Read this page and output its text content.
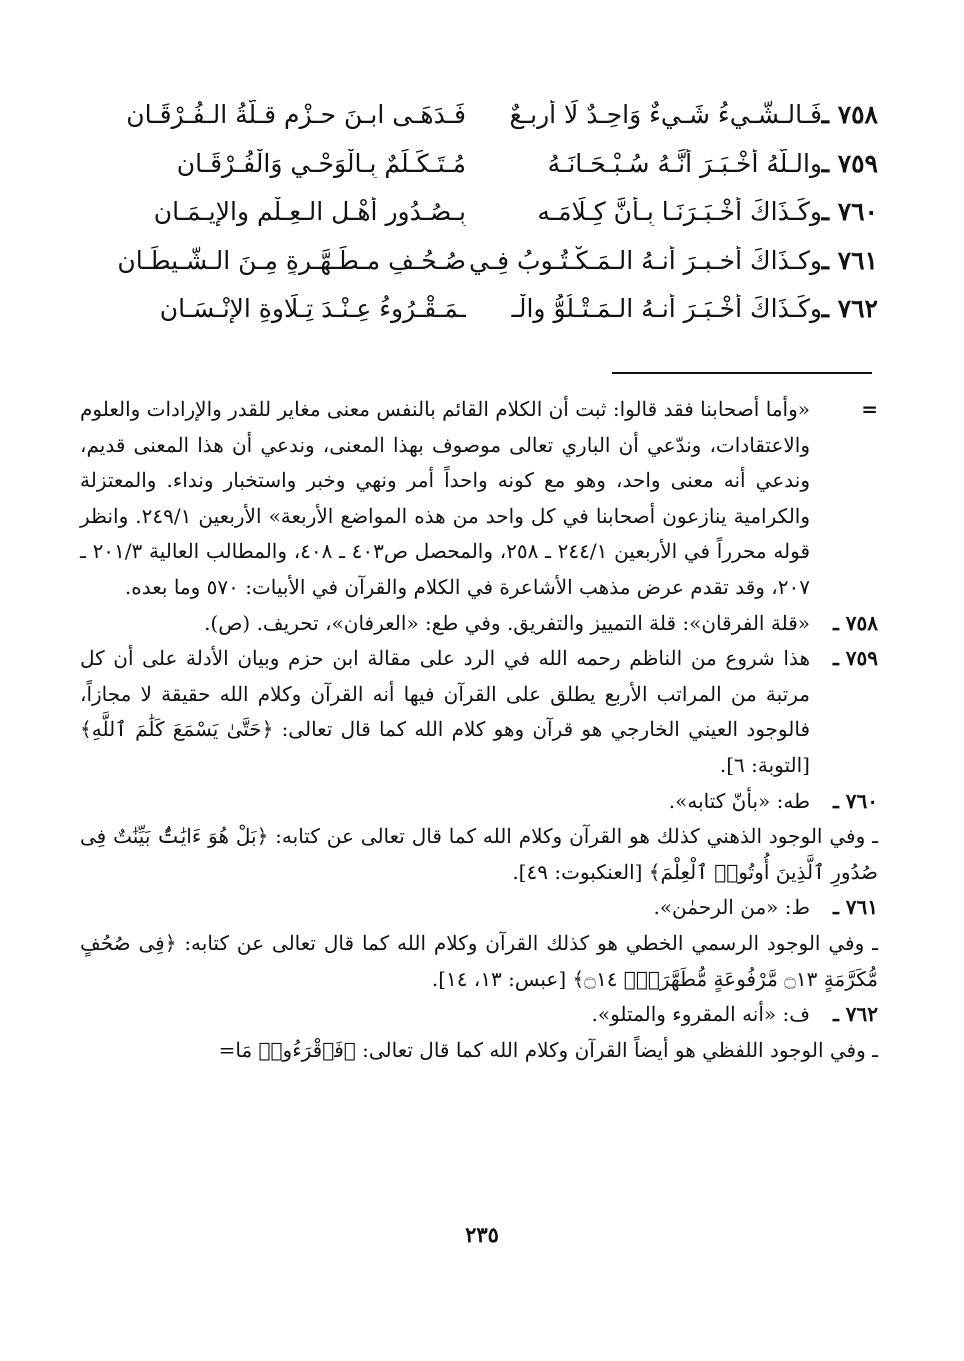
٧٥٨ ـ
فَـالـشَّـيءُ شَـيءٌ وَاحِـدٌ لَا أَربـعٌ
فَـدَهَـى ابـنَ حـزْمٍ قـلَّةُ الـفُـرْقَـانِ
٧٥٩ ـ
والـلَّهُ أَخْـبَـرَ أَنَّـهُ سُـبْـحَـانَـهُ
مُـتَـكَـلِّمٌ بِـالْوَحْـيِ وَالْفُـرْقَـانِ
٧٦٠ ـ
وكَـذَاكَ أَخْـبَـرَنَـا بِـأَنَّ كِـلَامَـه
بِـصُـدُورِ أَهْـلِ الـعِـلْمِ والإِيـمَـانِ
٧٦١ ـ
وكـذَاكَ أخـبـرَ أنـهُ الـمَـكْـتُـوبُ فِـي
صُـحُـفٍ مـطَـهَّـرةٍ مِـنَ الـشَّـيطَـانِ
٧٦٢ ـ
وكَـذَاكَ أَخْـبَـرَ أنـهُ الـمَـتْـلُوُّ والْـ
ـمَـقْـرُوءُ عِـنْـدَ تِـلَاوةِ الإِنْـسَـانِ
=
«وأما أصحابنا فقد قالوا: ثبت أن الكلام القائم بالنفس معنى مغاير للقدر والإرادات والعلوم والاعتقادات، وندّعي أن الباري تعالى موصوف بهذا المعنى، وندعي أن هذا المعنى قديم، وندعي أنه معنى واحد، وهو مع كونه واحداً أمر ونهي وخبر واستخبار ونداء. والمعتزلة والكرامية ينازعون أصحابنا في كل واحد من هذه المواضع الأربعة» الأربعين ٢٤٩/١. وانظر قوله محرراً في الأربعين ٢٤٤/١ ـ ٢٥٨، والمحصل ص٤٠٣ ـ ٤٠٨، والمطالب العالية ٢٠١/٣ ـ ٢٠٧، وقد تقدم عرض مذهب الأشاعرة في الكلام والقرآن في الأبيات: ٥٧٠ وما بعده.
٧٥٨ ـ
«قلة الفرقان»: قلة التمييز والتفريق. وفي طع: «العرفان»، تحريف. (ص).
٧٥٩ ـ
هذا شروع من الناظم رحمه الله في الرد على مقالة ابن حزم وبيان الأدلة على أن كل مرتبة من المراتب الأربع يطلق على القرآن فيها أنه القرآن وكلام الله حقيقة لا مجازاً، فالوجود العيني الخارجي هو قرآن وهو كلام الله كما قال تعالى: ﴿حَتَّىٰ يَسْمَعَ كَلَٰمَ ٱللَّهِ﴾ [التوبة: ٦].
٧٦٠ ـ
طه: «بأنّ كتابه».
ـ وفي الوجود الذهني كذلك هو القرآن وكلام الله كما قال تعالى عن كتابه: ﴿بَلْ هُوَ ءَايَٰتٌۢ بَيِّنَٰتٌ فِى صُدُورِ ٱلَّذِينَ أُوتُوا۟ ٱلْعِلْمَ﴾ [العنكبوت: ٤٩].
٧٦١ ـ
ط: «من الرحمٰن».
ـ وفي الوجود الرسمي الخطي هو كذلك القرآن وكلام الله كما قال تعالى عن كتابه: ﴿فِى صُحُفٍ مُّكَرَّمَةٍ ۝١٣ مَّرْفُوعَةٍ مُّطَهَّرَةٍۭ ۝١٤﴾ [عبس: ١٣، ١٤].
٧٦٢ ـ
ف: «أنه المقروء والمتلو».
ـ وفي الوجود اللفظي هو أيضاً القرآن وكلام الله كما قال تعالى: ﴿فَٱقْرَءُوا۟ مَا=
٢٣٥
